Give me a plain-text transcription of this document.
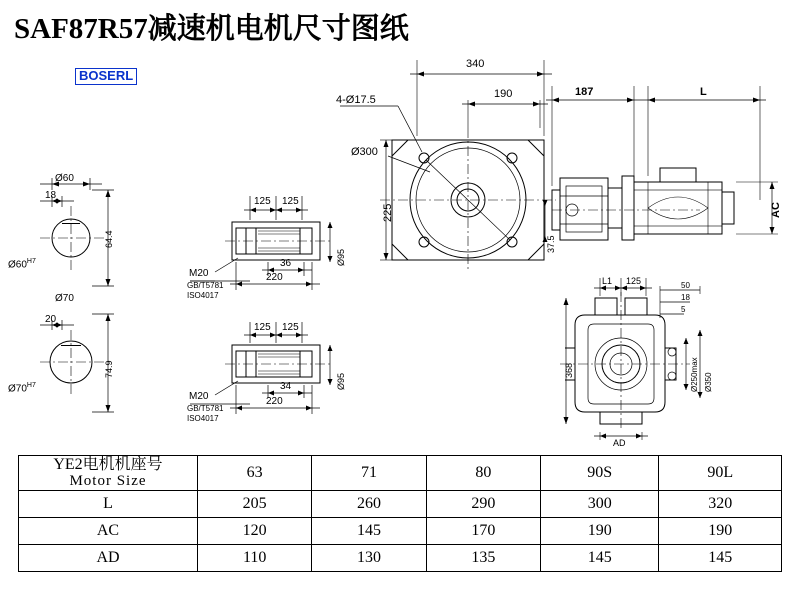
SAF87R57减速机电机尺寸图纸
BOSERL
Ø60
64.4
18
$Ø60^{H7}$
Ø70
74.9
20
$Ø70^{H7}$
125 125
36
220
Ø95
M20
GB/T5781
ISO4017
125 125
34
220
Ø95
M20
GB/T5781
ISO4017
340
190
4-Ø17.5
Ø300
225
37.5
187	L
AC
L1 125	50
18
5
368	Ø250max Ø350
AD
YE2电机机座号
Motor Size	63	71	80	90S	90L
L	205	260	290	300	320
AC	120	145	170	190	190
AD	110	130	135	145	145
